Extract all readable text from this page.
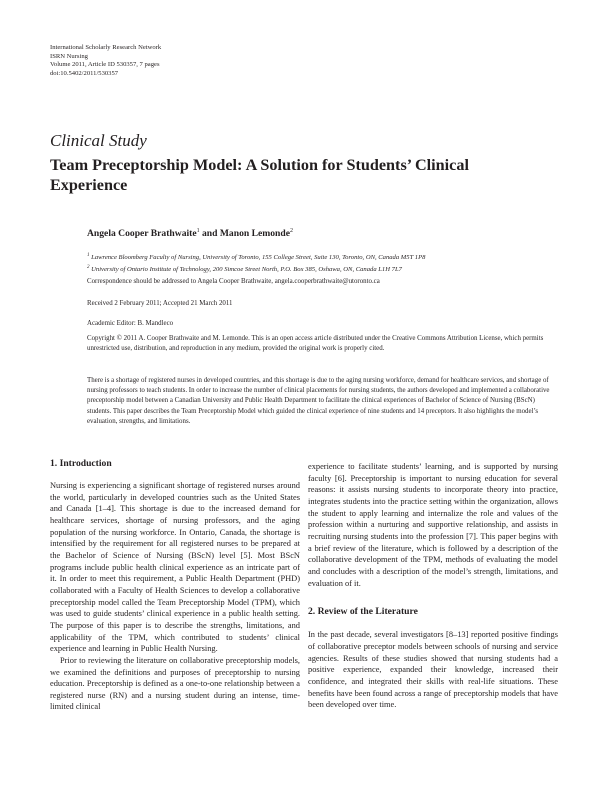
International Scholarly Research Network
ISRN Nursing
Volume 2011, Article ID 530357, 7 pages
doi:10.5402/2011/530357
Clinical Study
Team Preceptorship Model: A Solution for Students’ Clinical Experience
Angela Cooper Brathwaite$^1$ and Manon Lemonde$^2$
$^1$ Lawrence Bloomberg Faculty of Nursing, University of Toronto, 155 College Street, Suite 130, Toronto, ON, Canada M5T 1P8
$^2$ University of Ontario Institute of Technology, 200 Simcoe Street North, P.O. Box 385, Oshawa, ON, Canada L1H 7L7
Correspondence should be addressed to Angela Cooper Brathwaite, angela.cooperbrathwaite@utoronto.ca
Received 2 February 2011; Accepted 21 March 2011
Academic Editor: B. Mandleco
Copyright © 2011 A. Cooper Brathwaite and M. Lemonde. This is an open access article distributed under the Creative Commons Attribution License, which permits unrestricted use, distribution, and reproduction in any medium, provided the original work is properly cited.
There is a shortage of registered nurses in developed countries, and this shortage is due to the aging nursing workforce, demand for healthcare services, and shortage of nursing professors to teach students. In order to increase the number of clinical placements for nursing students, the authors developed and implemented a collaborative preceptorship model between a Canadian University and Public Health Department to facilitate the clinical experiences of Bachelor of Science of Nursing (BScN) students. This paper describes the Team Preceptorship Model which guided the clinical experience of nine students and 14 preceptors. It also highlights the model’s evaluation, strengths, and limitations.
1. Introduction

Nursing is experiencing a significant shortage of registered nurses around the world, particularly in developed countries such as the United States and Canada [1–4]. This shortage is due to the increased demand for healthcare services, shortage of nursing professors, and the aging population of the nursing workforce. In Ontario, Canada, the shortage is intensified by the requirement for all registered nurses to be prepared at the Bachelor of Science of Nursing (BScN) level [5]. Most BScN programs include public health clinical experience as an intricate part of it. In order to meet this requirement, a Public Health Department (PHD) collaborated with a Faculty of Health Sciences to develop a collaborative preceptorship model called the Team Preceptorship Model (TPM), which was used to guide students’ clinical experience in a public health setting. The purpose of this paper is to describe the strengths, limitations, and applicability of the TPM, which contributed to students’ clinical experience and learning in Public Health Nursing.

Prior to reviewing the literature on collaborative preceptorship models, we examined the definitions and purposes of preceptorship to nursing education. Preceptorship is defined as a one-to-one relationship between a registered nurse (RN) and a nursing student during an intense, time-limited clinical

experience to facilitate students’ learning, and is supported by nursing faculty [6]. Preceptorship is important to nursing education for several reasons: it assists nursing students to incorporate theory into practice, integrates students into the practice setting within the organization, allows the student to apply learning and internalize the role and values of the profession within a nurturing and supportive relationship, and assists in recruiting nursing students into the profession [7]. This paper begins with a brief review of the literature, which is followed by a description of the collaborative development of the TPM, methods of evaluating the model and concludes with a description of the model’s strength, limitations, and evaluation of it.

2. Review of the Literature

In the past decade, several investigators [8–13] reported positive findings of collaborative preceptor models between schools of nursing and service agencies. Results of these studies showed that nursing students had a positive experience, expanded their knowledge, increased their confidence, and integrated their skills with real-life situations. These benefits have been found across a range of preceptorship models that have been developed over time.
